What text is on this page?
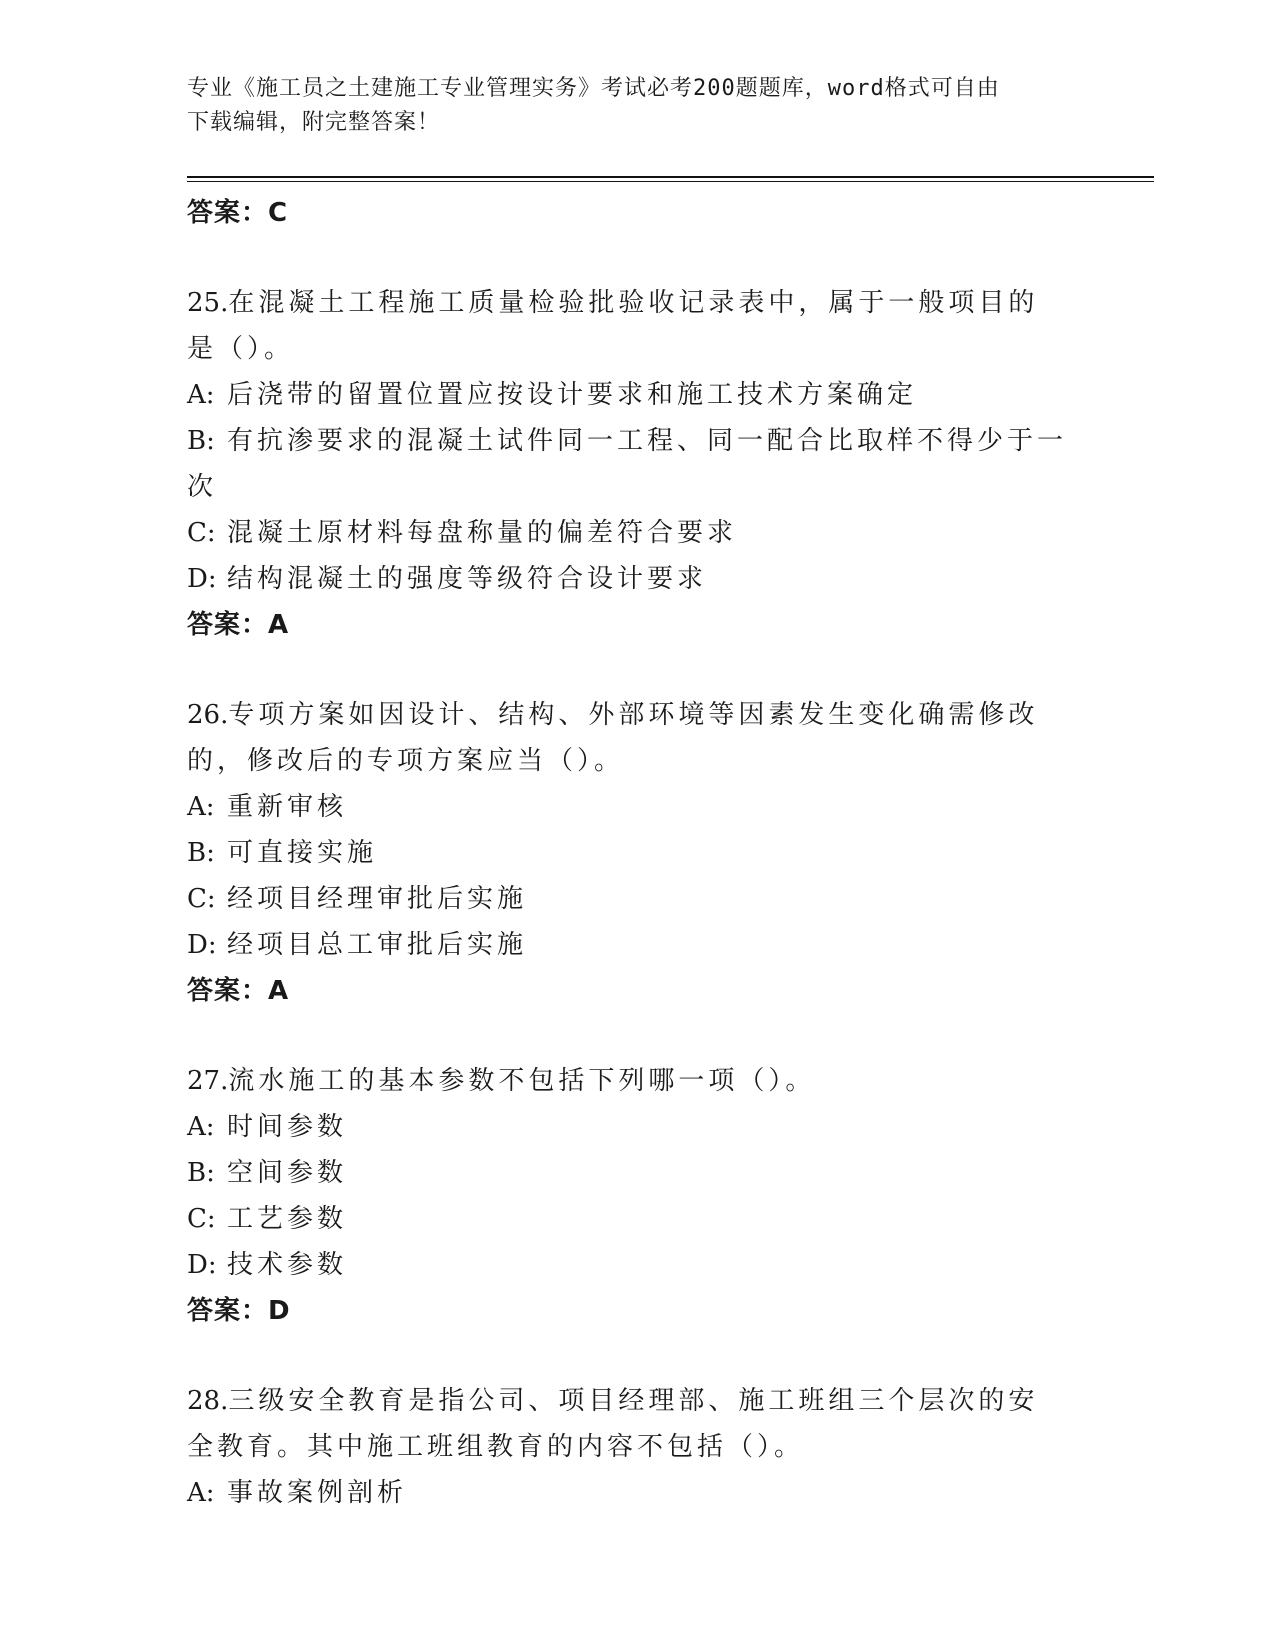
专业《施工员之土建施工专业管理实务》考试必考200题题库，word格式可自由
下载编辑，附完整答案！
答案：C
25.在混凝土工程施工质量检验批验收记录表中，属于一般项目的是（）。
A: 后浇带的留置位置应按设计要求和施工技术方案确定
B: 有抗渗要求的混凝土试件同一工程、同一配合比取样不得少于一次
C: 混凝土原材料每盘称量的偏差符合要求
D: 结构混凝土的强度等级符合设计要求
答案：A
26.专项方案如因设计、结构、外部环境等因素发生变化确需修改的，修改后的专项方案应当（）。
A: 重新审核
B: 可直接实施
C: 经项目经理审批后实施
D: 经项目总工审批后实施
答案：A
27.流水施工的基本参数不包括下列哪一项（）。
A: 时间参数
B: 空间参数
C: 工艺参数
D: 技术参数
答案：D
28.三级安全教育是指公司、项目经理部、施工班组三个层次的安全教育。其中施工班组教育的内容不包括（）。
A: 事故案例剖析
